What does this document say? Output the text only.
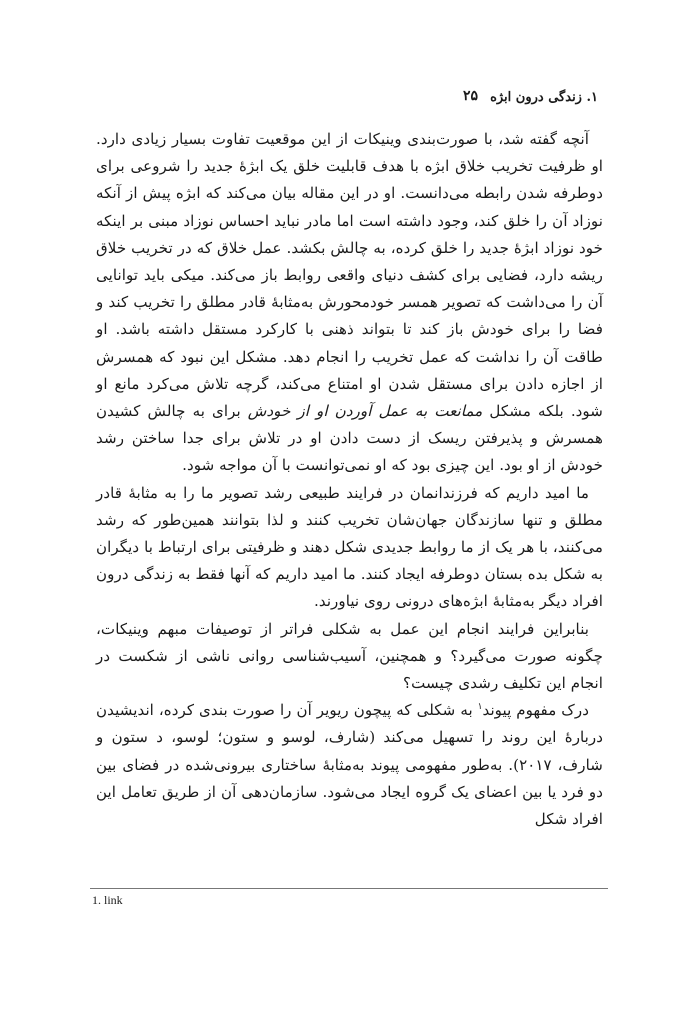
۱. زندگی درون ابژه
۲۵

آنچه گفته شد، با صورت‌بندی وینیکات از این موقعیت تفاوت بسیار زیادی دارد. او ظرفیت تخریب خلاق ابژه با هدف قابلیت خلق یک ابژهٔ جدید را شروعی برای دوطرفه شدن رابطه می‌دانست. او در این مقاله بیان می‌کند که ابژه پیش از آنکه نوزاد آن را خلق کند، وجود داشته است اما مادر نباید احساس نوزاد مبنی بر اینکه خود نوزاد ابژهٔ جدید را خلق کرده، به چالش بکشد. عمل خلاق که در تخریب خلاق ریشه دارد، فضایی برای کشف دنیای واقعی روابط باز می‌کند. میکی باید توانایی آن را می‌داشت که تصویر همسر خودمحورش به‌مثابهٔ قادر مطلق را تخریب کند و فضا را برای خودش باز کند تا بتواند ذهنی با کارکرد مستقل داشته باشد. او طاقت آن را نداشت که عمل تخریب را انجام دهد. مشکل این نبود که همسرش از اجازه دادن برای مستقل شدن او امتناع می‌کند، گرچه تلاش می‌کرد مانع او شود. بلکه مشکل ممانعت به عمل آوردن او از خودش برای به چالش کشیدن همسرش و پذیرفتن ریسک از دست دادن او در تلاش برای جدا ساختن رشد خودش از او بود. این چیزی بود که او نمی‌توانست با آن مواجه شود.

ما امید داریم که فرزندانمان در فرایند طبیعی رشد تصویر ما را به مثابهٔ قادر مطلق و تنها سازندگان جهان‌شان تخریب کنند و لذا بتوانند همین‌طور که رشد می‌کنند، با هر یک از ما روابط جدیدی شکل دهند و ظرفیتی برای ارتباط با دیگران به شکل بده بستان دوطرفه ایجاد کنند. ما امید داریم که آنها فقط به زندگی درون افراد دیگر به‌مثابهٔ ابژه‌های درونی روی نیاورند.

بنابراین فرایند انجام این عمل به شکلی فراتر از توصیفات مبهم وینیکات، چگونه صورت می‌گیرد؟ و همچنین، آسیب‌شناسی روانی ناشی از شکست در انجام این تکلیف رشدی چیست؟

درک مفهوم پیوند$^۱$ به شکلی که پیچون ریویر آن را صورت بندی کرده، اندیشیدن دربارهٔ این روند را تسهیل می‌کند (شارف، لوسو و ستون؛ لوسو، د ستون و شارف، ۲۰۱۷). به‌طور مفهومی پیوند به‌مثابهٔ ساختاری بیرونی‌شده در فضای بین دو فرد یا بین اعضای یک گروه ایجاد می‌شود. سازمان‌دهی آن از طریق تعامل این افراد شکل

1. link
